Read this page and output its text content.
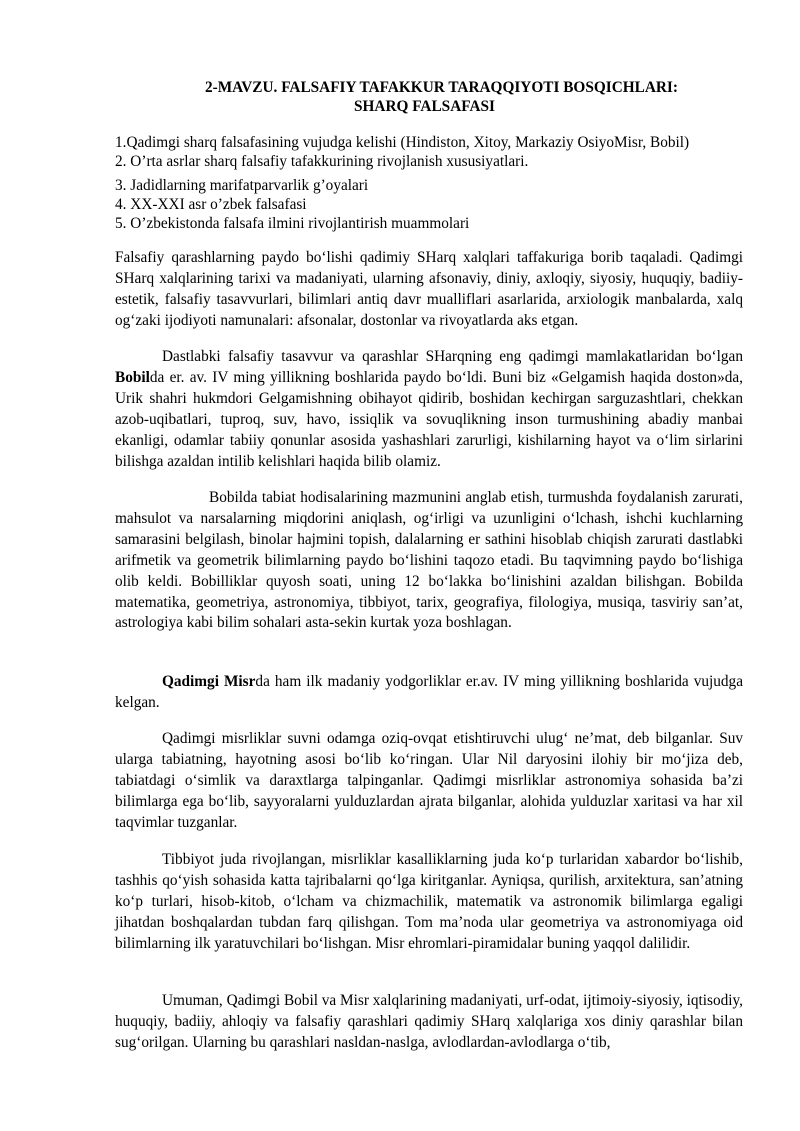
2-MAVZU. FALSAFIY TAFAKKUR TARAQQIYOTI BOSQICHLARI:
SHARQ FALSAFASI
1.Qadimgi sharq falsafasining vujudga kelishi (Hindiston, Xitoy, Markaziy OsiyoMisr, Bobil)
2. O’rta asrlar sharq falsafiy tafakkurining rivojlanish xususiyatlari.
3. Jadidlarning marifatparvarlik g’oyalari
4. XX-XXI asr o’zbek falsafasi
5. O’zbekistonda falsafa ilmini rivojlantirish muammolari

Falsafiy qarashlarning paydo bo‘lishi qadimiy SHarq xalqlari taffakuriga borib taqaladi. Qadimgi SHarq xalqlarining tarixi va madaniyati, ularning afsonaviy, diniy, axloqiy, siyosiy, huquqiy, badiiy-estetik, falsafiy tasavvurlari, bilimlari antiq davr mualliflari asarlarida, arxiologik manbalarda, xalq og‘zaki ijodiyoti namunalari: afsonalar, dostonlar va rivoyatlarda aks etgan.

Dastlabki falsafiy tasavvur va qarashlar SHarqning eng qadimgi mamlakatlaridan bo‘lgan Bobilda er. av. IV ming yillikning boshlarida paydo bo‘ldi. Buni biz «Gelgamish haqida doston»da, Urik shahri hukmdori Gelgamishning obihayot qidirib, boshidan kechirgan sarguzashtlari, chekkan azob-uqibatlari, tuproq, suv, havo, issiqlik va sovuqlikning inson turmushining abadiy manbai ekanligi, odamlar tabiiy qonunlar asosida yashashlari zarurligi, kishilarning hayot va o‘lim sirlarini bilishga azaldan intilib kelishlari haqida bilib olamiz.

Bobilda tabiat hodisalarining mazmunini anglab etish, turmushda foydalanish zarurati, mahsulot va narsalarning miqdorini aniqlash, og‘irligi va uzunligini o‘lchash, ishchi kuchlarning samarasini belgilash, binolar hajmini topish, dalalarning er sathini hisoblab chiqish zarurati dastlabki arifmetik va geometrik bilimlarning paydo bo‘lishini taqozo etadi. Bu taqvimning paydo bo‘lishiga olib keldi. Bobilliklar quyosh soati, uning 12 bo‘lakka bo‘linishini azaldan bilishgan. Bobilda matematika, geometriya, astronomiya, tibbiyot, tarix, geografiya, filologiya, musiqa, tasviriy san’at, astrologiya kabi bilim sohalari asta-sekin kurtak yoza boshlagan.

Qadimgi Misrda ham ilk madaniy yodgorliklar er.av. IV ming yillikning boshlarida vujudga kelgan.

Qadimgi misrliklar suvni odamga oziq-ovqat etishtiruvchi ulug‘ ne’mat, deb bilganlar. Suv ularga tabiatning, hayotning asosi bo‘lib ko‘ringan. Ular Nil daryosini ilohiy bir mo‘jiza deb, tabiatdagi o‘simlik va daraxtlarga talpinganlar. Qadimgi misrliklar astronomiya sohasida ba’zi bilimlarga ega bo‘lib, sayyoralarni yulduzlardan ajrata bilganlar, alohida yulduzlar xaritasi va har xil taqvimlar tuzganlar.

Tibbiyot juda rivojlangan, misrliklar kasalliklarning juda ko‘p turlaridan xabardor bo‘lishib, tashhis qo‘yish sohasida katta tajribalarni qo‘lga kiritganlar. Ayniqsa, qurilish, arxitektura, san’atning ko‘p turlari, hisob-kitob, o‘lcham va chizmachilik, matematik va astronomik bilimlarga egaligi jihatdan boshqalardan tubdan farq qilishgan. Tom ma’noda ular geometriya va astronomiyaga oid bilimlarning ilk yaratuvchilari bo‘lishgan. Misr ehromlari-piramidalar buning yaqqol dalilidir.

Umuman, Qadimgi Bobil va Misr xalqlarining madaniyati, urf-odat, ijtimoiy-siyosiy, iqtisodiy, huquqiy, badiiy, ahloqiy va falsafiy qarashlari qadimiy SHarq xalqlariga xos diniy qarashlar bilan sug‘orilgan. Ularning bu qarashlari nasldan-naslga, avlodlardan-avlodlarga o‘tib,
